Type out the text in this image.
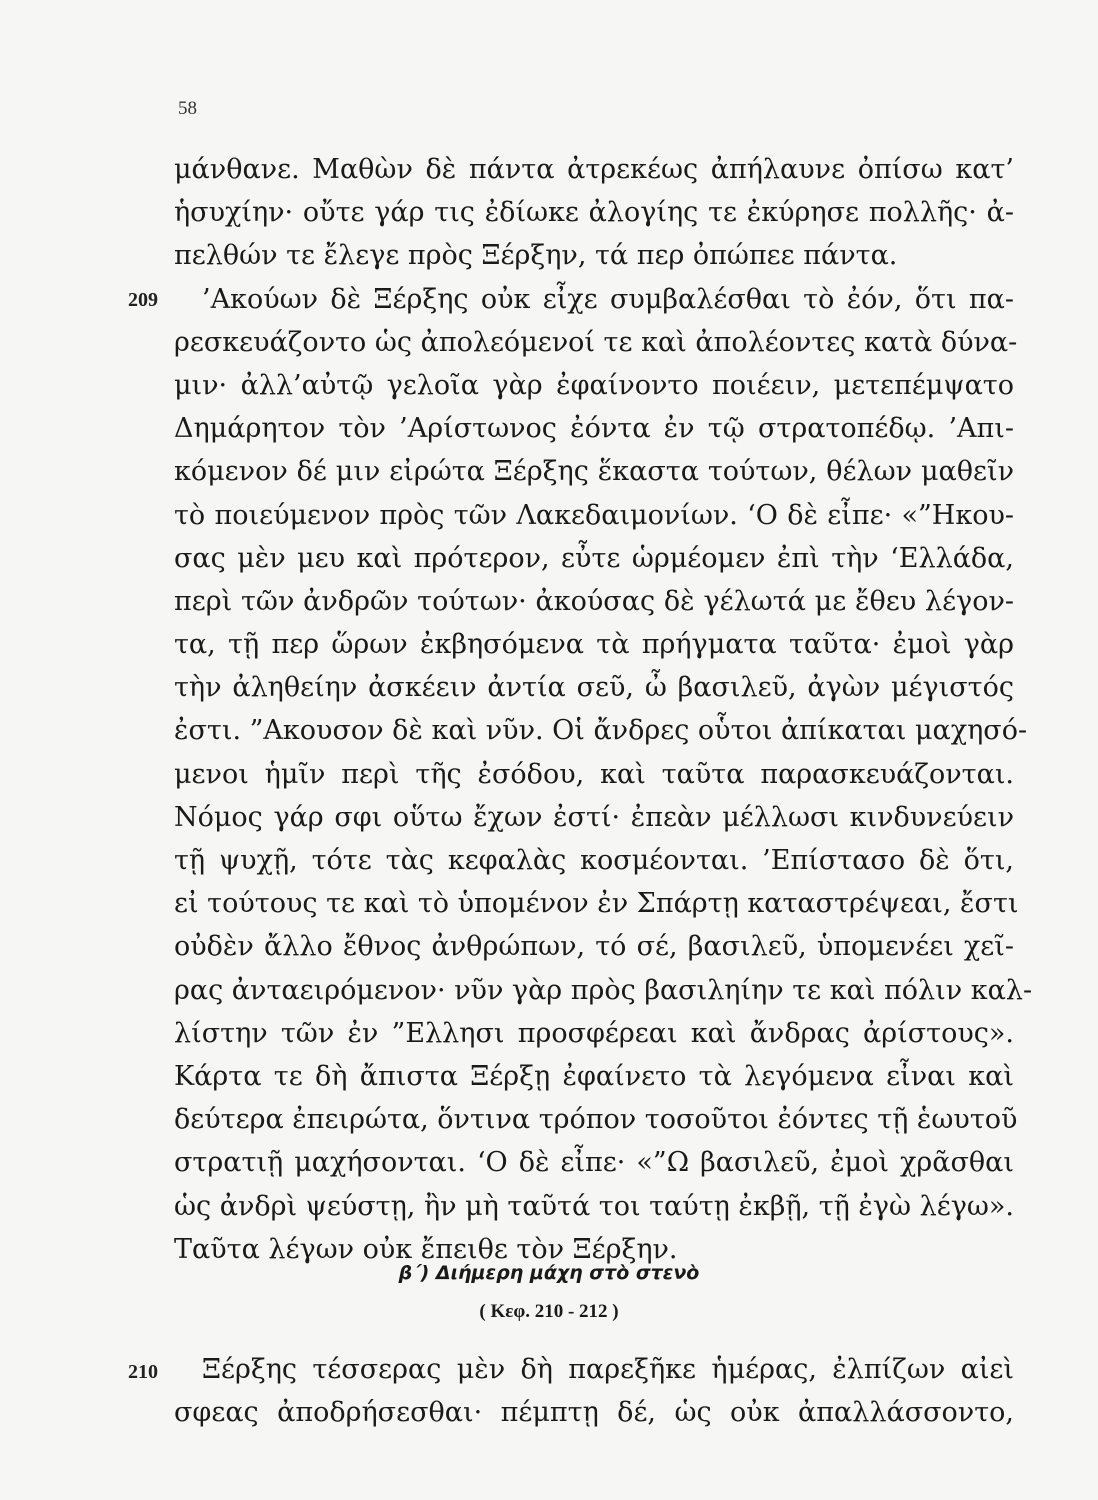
58
μάνθανε. Μαθὼν δὲ πάντα ἀτρεκέως ἀπήλαυνε ὀπίσω κατ’
ἡσυχίην· οὔτε γάρ τις ἐδίωκε ἀλογίης τε ἐκύρησε πολλῆς· ἀ-
πελθών τε ἔλεγε πρὸς Ξέρξην, τά περ ὀπώπεε πάντα.
209	’Ακούων δὲ Ξέρξης οὐκ εἶχε συμβαλέσθαι τὸ ἐόν, ὅτι πα-
ρεσκευάζοντο ὡς ἀπολεόμενοί τε καὶ ἀπολέοντες κατὰ δύνα-
μιν· ἀλλ’αὐτῷ γελοῖα γὰρ ἐφαίνοντο ποιέειν, μετεπέμψατο
Δημάρητον τὸν ’Αρίστωνος ἐόντα ἐν τῷ στρατοπέδῳ. ’Απι-
κόμενον δέ μιν εἰρώτα Ξέρξης ἕκαστα τούτων, θέλων μαθεῖν
τὸ ποιεύμενον πρὸς τῶν Λακεδαιμονίων. ‘Ο δὲ εἶπε· «”Ηκου-
σας μὲν μευ καὶ πρότερον, εὖτε ὡρμέομεν ἐπὶ τὴν ‘Ελλάδα,
περὶ τῶν ἀνδρῶν τούτων· ἀκούσας δὲ γέλωτά με ἔθευ λέγον-
τα, τῇ περ ὥρων ἐκβησόμενα τὰ πρήγματα ταῦτα· ἐμοὶ γὰρ
τὴν ἀληθείην ἀσκέειν ἀντία σεῦ, ὦ βασιλεῦ, ἀγὼν μέγιστός
ἐστι. ”Ακουσον δὲ καὶ νῦν. Οἱ ἄνδρες οὗτοι ἀπίκαται μαχησό-
μενοι ἡμῖν περὶ τῆς ἐσόδου, καὶ ταῦτα παρασκευάζονται.
Νόμος γάρ σφι οὕτω ἔχων ἐστί· ἐπεὰν μέλλωσι κινδυνεύειν
τῇ ψυχῇ, τότε τὰς κεφαλὰς κοσμέονται. ’Επίστασο δὲ ὅτι,
εἰ τούτους τε καὶ τὸ ὑπομένον ἐν Σπάρτῃ καταστρέψεαι, ἔστι
οὐδὲν ἄλλο ἔθνος ἀνθρώπων, τό σέ, βασιλεῦ, ὑπομενέει χεῖ-
ρας ἀνταειρόμενον· νῦν γὰρ πρὸς βασιληίην τε καὶ πόλιν καλ-
λίστην τῶν ἐν ”Ελλησι προσφέρεαι καὶ ἄνδρας ἀρίστους».
Κάρτα τε δὴ ἄπιστα Ξέρξῃ ἐφαίνετο τὰ λεγόμενα εἶναι καὶ
δεύτερα ἐπειρώτα, ὅντινα τρόπον τοσοῦτοι ἐόντες τῇ ἑωυτοῦ
στρατιῇ μαχήσονται. ‘Ο δὲ εἶπε· «”Ω βασιλεῦ, ἐμοὶ χρᾶσθαι
ὡς ἀνδρὶ ψεύστῃ, ἢν μὴ ταῦτά τοι ταύτῃ ἐκβῇ, τῇ ἐγὼ λέγω».
Ταῦτα λέγων οὐκ ἔπειθε τὸν Ξέρξην.
β΄) Διήμερη μάχη στὸ στενὸ
( Κεφ. 210 - 212 )
210	Ξέρξης τέσσερας μὲν δὴ παρεξῆκε ἡμέρας, ἐλπίζων αἰεὶ
σφεας ἀποδρήσεσθαι· πέμπτῃ δέ, ὡς οὐκ ἀπαλλάσσοντο,
